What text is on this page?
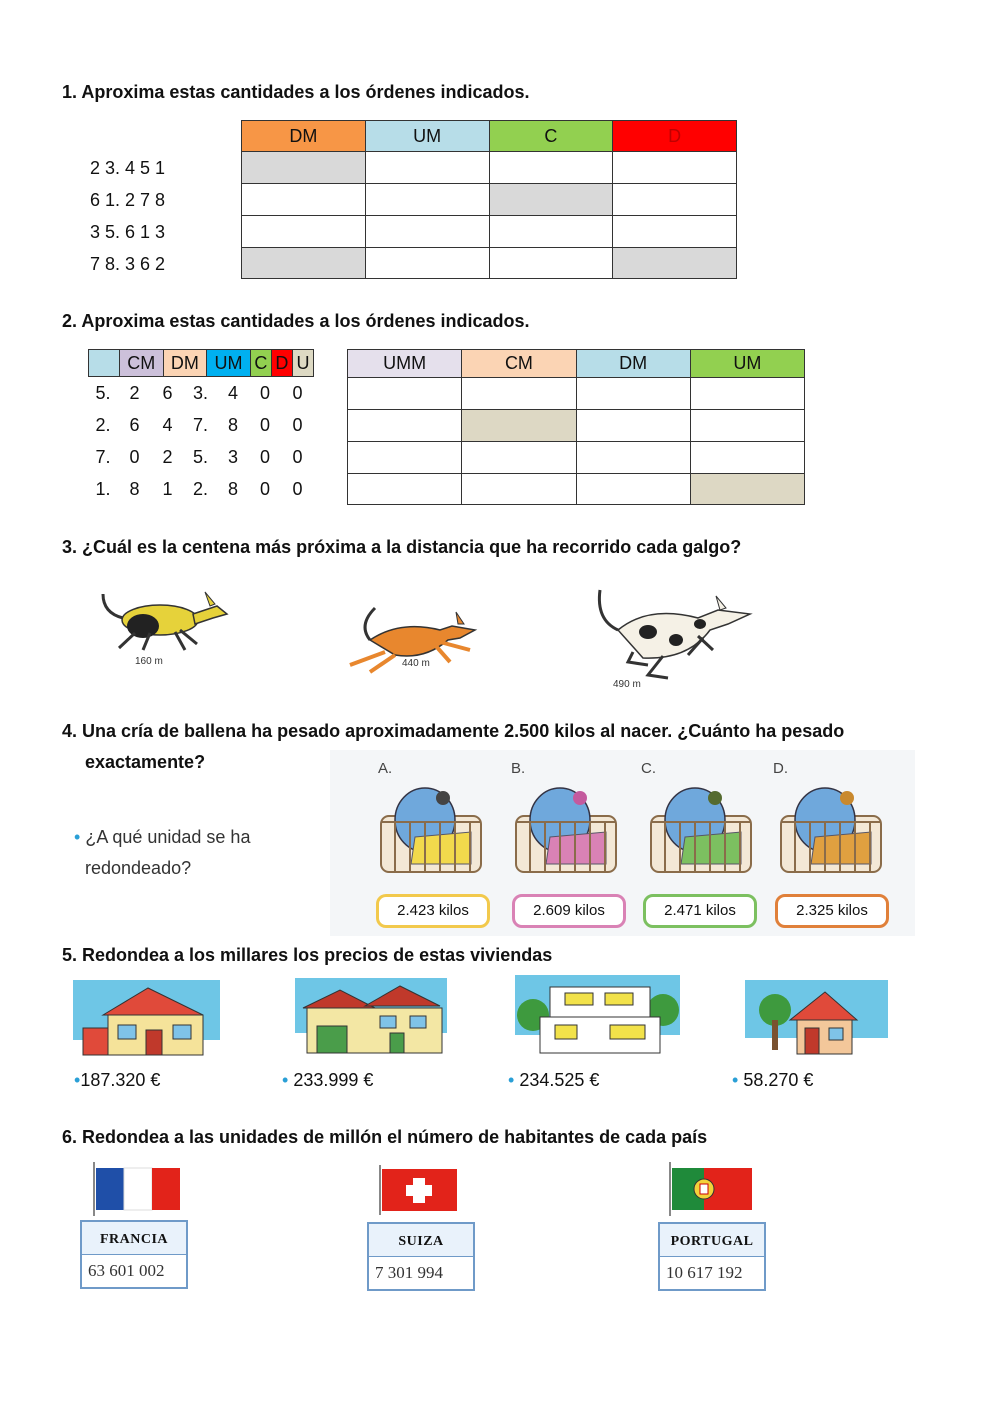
1. Aproxima estas cantidades a los órdenes indicados.
2 3. 4 5 1
6 1. 2 7 8
3 5. 6 1 3
7 8. 3 6 2
DM	UM	C	D

2. Aproxima estas cantidades a los órdenes indicados.
	CM	DM	UM	C	D	U
5.	2	6	3.	4	0	0
2.	6	4	7.	8	0	0
7.	0	2	5.	3	0	0
1.	8	1	2.	8	0	0
UMM	CM	DM	UM

3. ¿Cuál es la centena más próxima a la distancia que ha recorrido cada galgo?
160 m	440 m
490 m
4. Una cría de ballena ha pesado aproximadamente 2.500 kilos al nacer. ¿Cuánto ha pesado
exactamente?
• ¿A qué unidad se ha
redondeado?
A.
2.423 kilos
B.
2.609 kilos
C.
2.471 kilos
D.
2.325 kilos
5. Redondea a los millares los precios de estas viviendas
•187.320 €	• 233.999 €	• 234.525 €	• 58.270 €
6. Redondea a las unidades de millón el número de habitantes de cada país
FRANCIA
63 601 002
SUIZA
7 301 994
PORTUGAL
10 617 192
